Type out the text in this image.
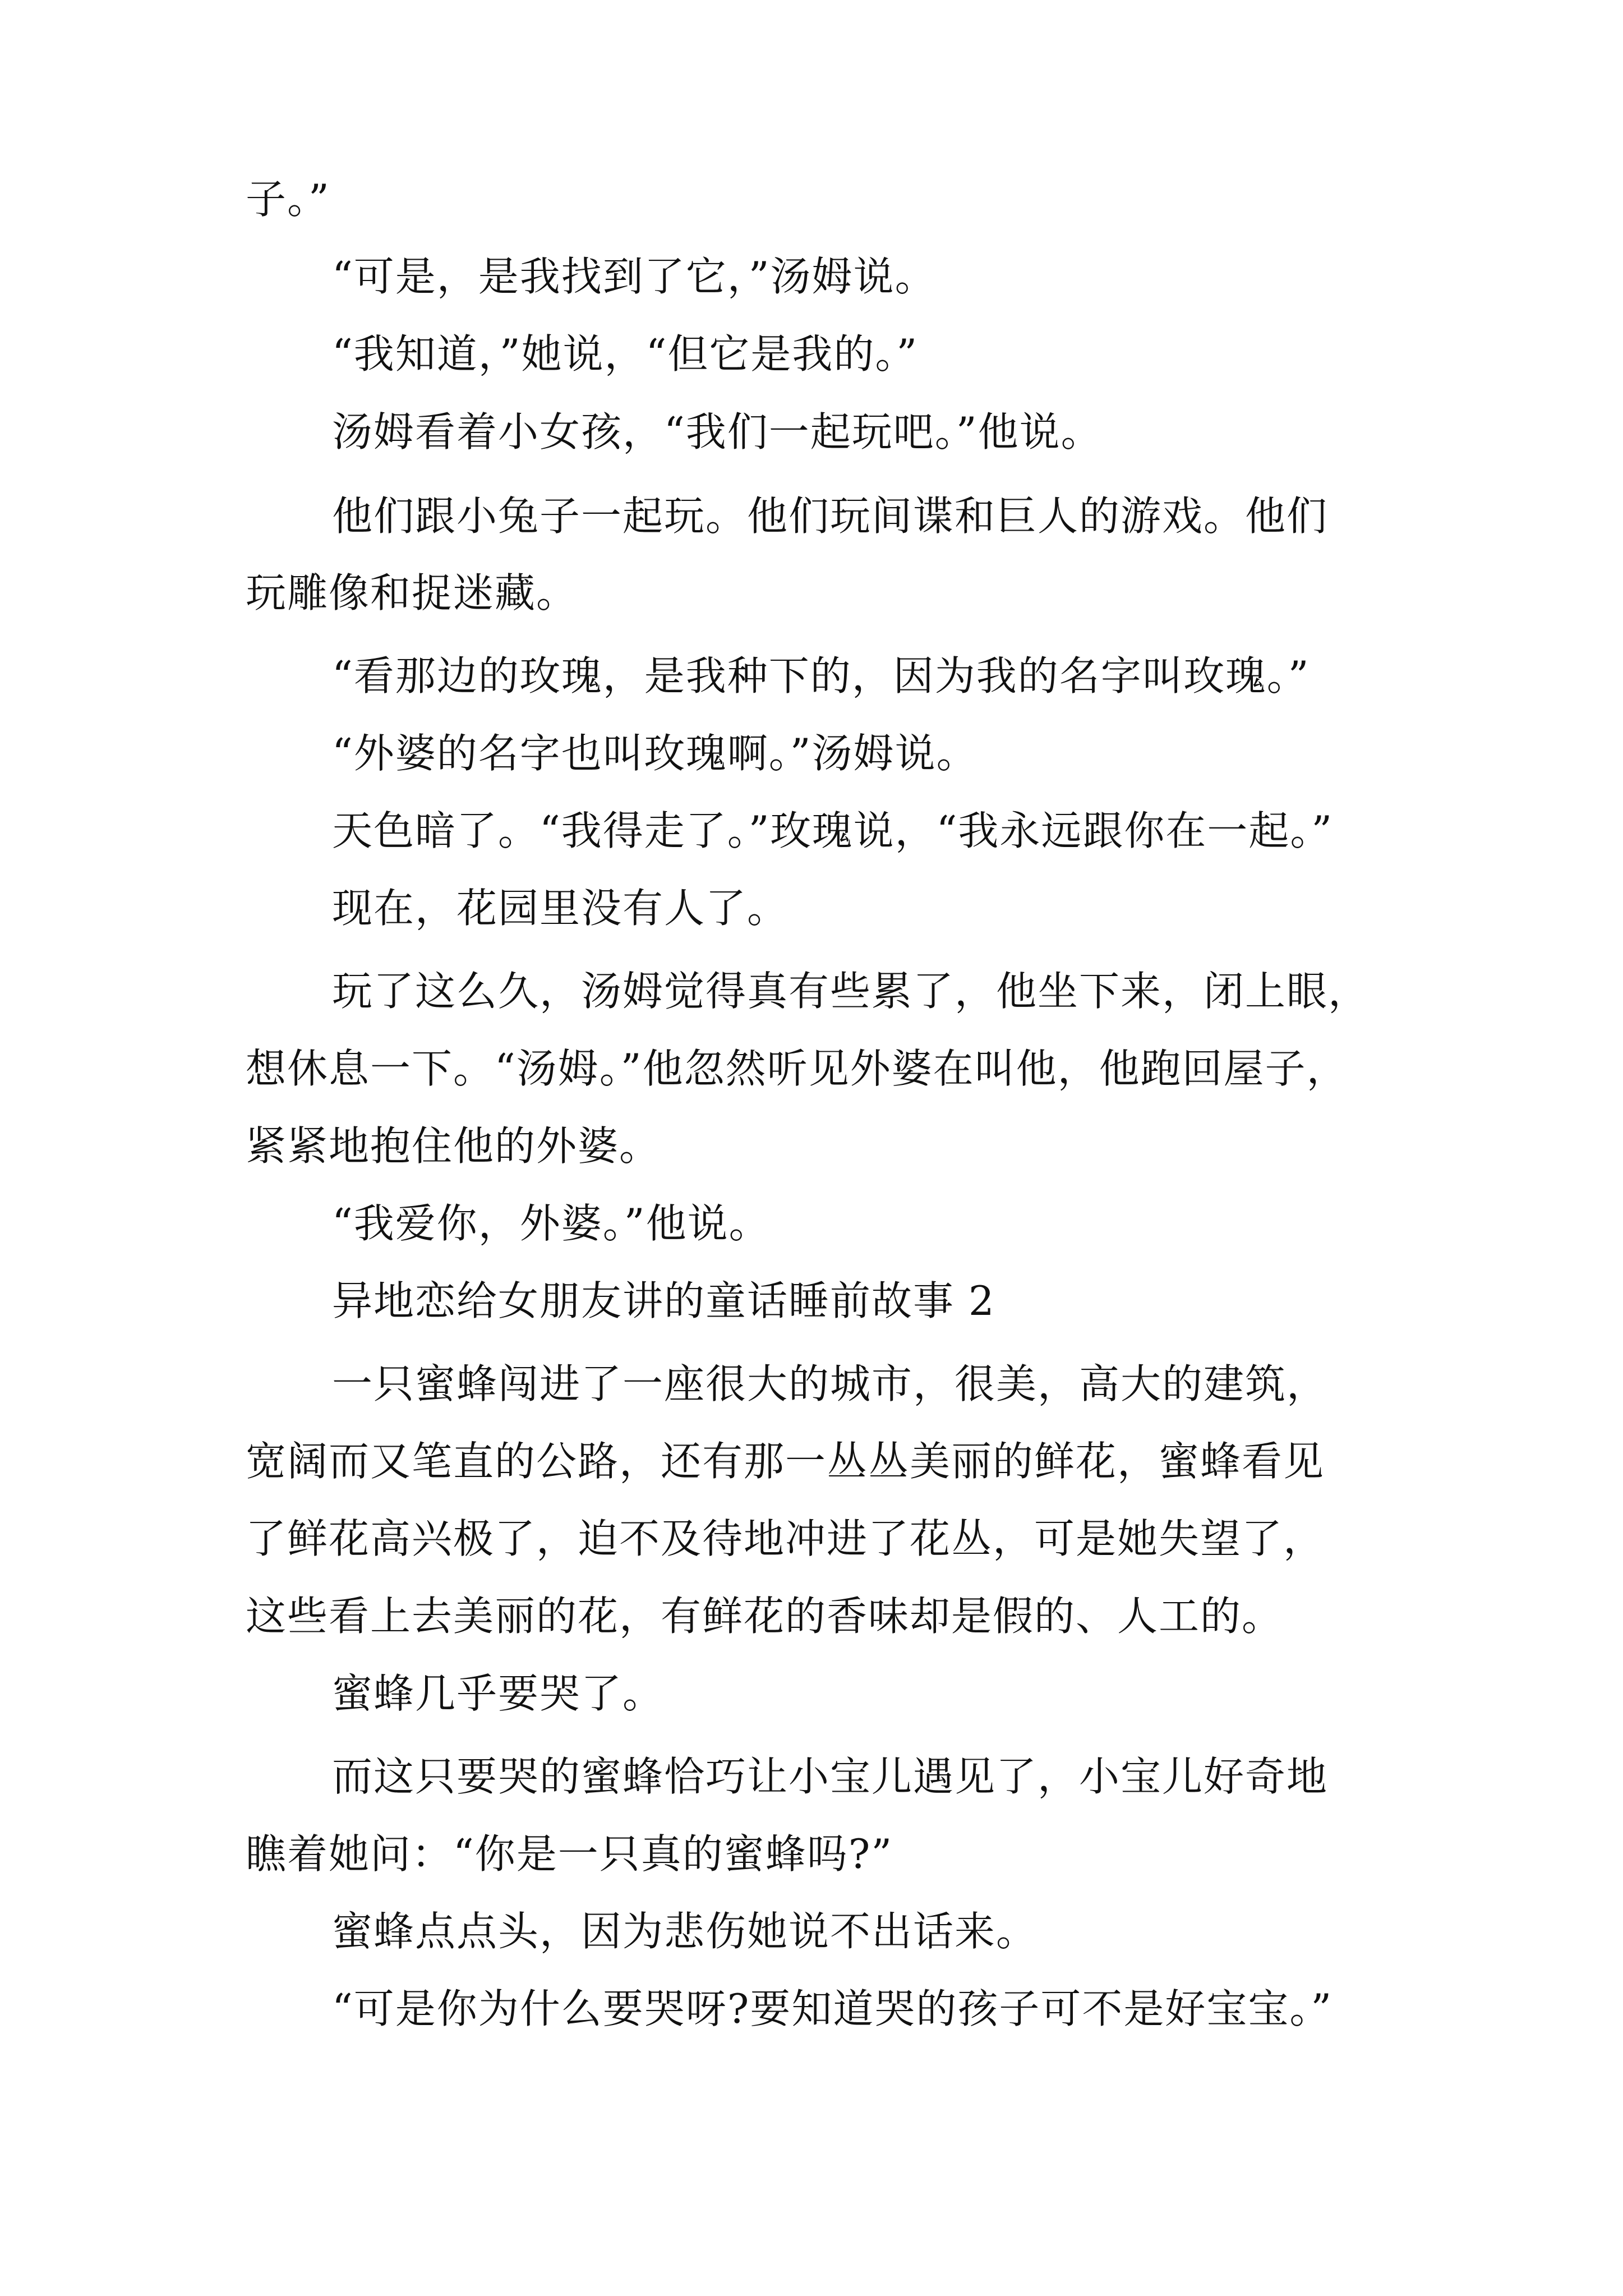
子。”
“可是，是我找到了它，”汤姆说。
“我知道，”她说，“但它是我的。”
汤姆看着小女孩，“我们一起玩吧。”他说。
他们跟小兔子一起玩。他们玩间谍和巨人的游戏。他们
玩雕像和捉迷藏。
“看那边的玫瑰，是我种下的，因为我的名字叫玫瑰。”
“外婆的名字也叫玫瑰啊。”汤姆说。
天色暗了。“我得走了。”玫瑰说，“我永远跟你在一起。”
现在，花园里没有人了。
玩了这么久，汤姆觉得真有些累了，他坐下来，闭上眼，
想休息一下。“汤姆。”他忽然听见外婆在叫他，他跑回屋子，
紧紧地抱住他的外婆。
“我爱你，外婆。”他说。
异地恋给女朋友讲的童话睡前故事 2
一只蜜蜂闯进了一座很大的城市，很美，高大的建筑，
宽阔而又笔直的公路，还有那一丛丛美丽的鲜花，蜜蜂看见
了鲜花高兴极了，迫不及待地冲进了花丛，可是她失望了，
这些看上去美丽的花，有鲜花的香味却是假的、人工的。
蜜蜂几乎要哭了。
而这只要哭的蜜蜂恰巧让小宝儿遇见了，小宝儿好奇地
瞧着她问：“你是一只真的蜜蜂吗?”
蜜蜂点点头，因为悲伤她说不出话来。
“可是你为什么要哭呀?要知道哭的孩子可不是好宝宝。”
